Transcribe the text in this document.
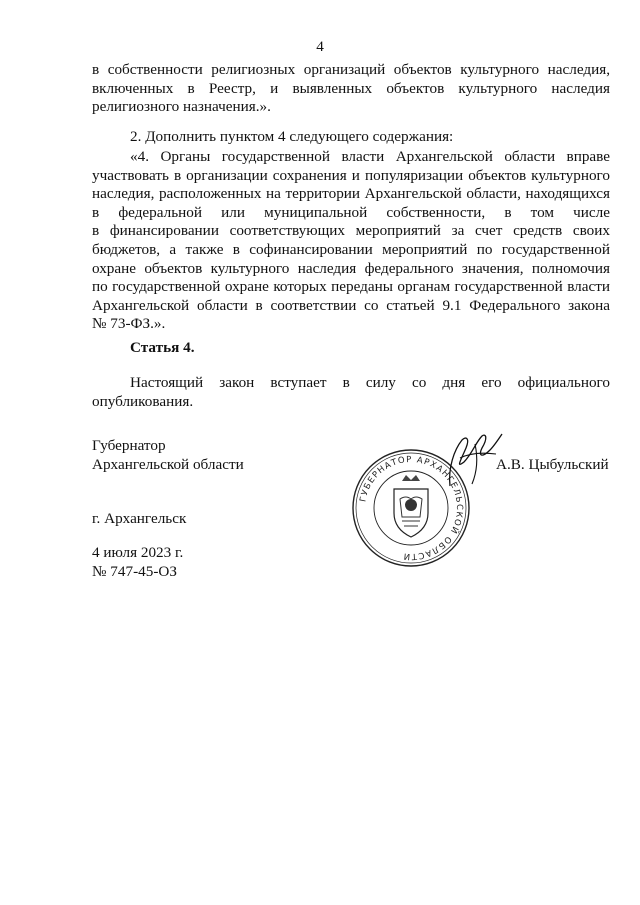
4

в собственности религиозных организаций объектов культурного наследия,

включенных в Реестр, и выявленных объектов культурного наследия

религиозного назначения.».

2. Дополнить пунктом 4 следующего содержания:

«4. Органы государственной власти Архангельской области вправе

участвовать в организации сохранения и популяризации объектов культурного

наследия, расположенных на территории Архангельской области, находящихся

в федеральной или муниципальной собственности, в том числе

в финансировании соответствующих мероприятий за счет средств своих

бюджетов, а также в софинансировании мероприятий по государственной

охране объектов культурного наследия федерального значения, полномочия

по государственной охране которых переданы органам государственной власти

Архангельской области в соответствии со статьей 9.1 Федерального закона

№ 73-ФЗ.».

Статья 4.

Настоящий закон вступает в силу со дня его официального

опубликования.

Губернатор

Архангельской области

ГУБЕРНАТОР АРХАНГЕЛЬСКОЙ ОБЛАСТИ
А.В. Цыбульский

г. Архангельск

4 июля 2023 г.

№ 747-45-ОЗ
